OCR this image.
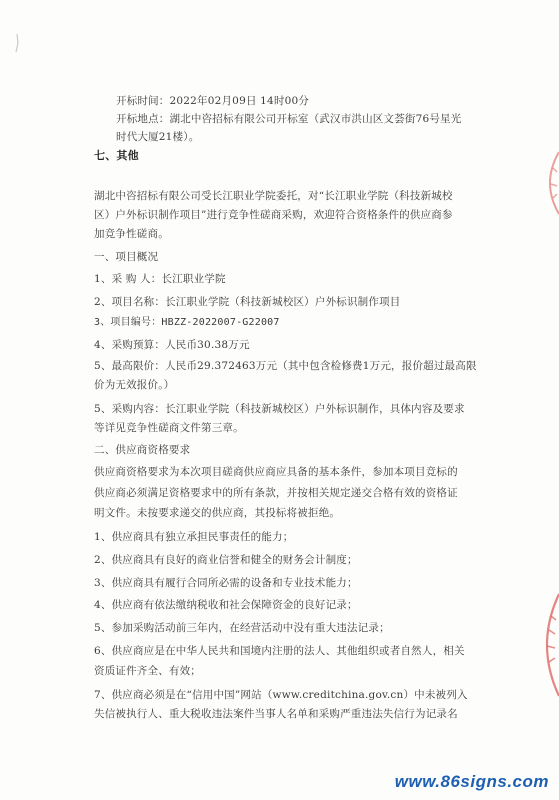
开标时间：2022年02月09日 14时00分
开标地点：湖北中咨招标有限公司开标室（武汉市洪山区文荟街76号星光
时代大厦21楼）。
七、其他
湖北中咨招标有限公司受长江职业学院委托，对“长江职业学院（科技新城校
区）户外标识制作项目”进行竞争性磋商采购，欢迎符合资格条件的供应商参
加竞争性磋商。
一、项目概况
1、采 购 人：长江职业学院
2、项目名称：长江职业学院（科技新城校区）户外标识制作项目
3、项目编号：HBZZ-2022007-G22007
4、采购预算：人民币30.38万元
5、最高限价：人民币29.372463万元（其中包含检修费1万元，报价超过最高限
价为无效报价。）
5、采购内容：长江职业学院（科技新城校区）户外标识制作，具体内容及要求
等详见竞争性磋商文件第三章。
二、供应商资格要求
供应商资格要求为本次项目磋商供应商应具备的基本条件，参加本项目竞标的
供应商必须满足资格要求中的所有条款，并按相关规定递交合格有效的资格证
明文件。未按要求递交的供应商，其投标将被拒绝。
1、供应商具有独立承担民事责任的能力；
2、供应商具有良好的商业信誉和健全的财务会计制度；
3、供应商具有履行合同所必需的设备和专业技术能力；
4、供应商有依法缴纳税收和社会保障资金的良好记录；
5、参加采购活动前三年内，在经营活动中没有重大违法记录；
6、供应商应是在中华人民共和国境内注册的法人、其他组织或者自然人，相关
资质证件齐全、有效；
7、供应商必须是在“信用中国”网站（www.creditchina.gov.cn）中未被列入
失信被执行人、重大税收违法案件当事人名单和采购严重违法失信行为记录名
www.86signs.com
